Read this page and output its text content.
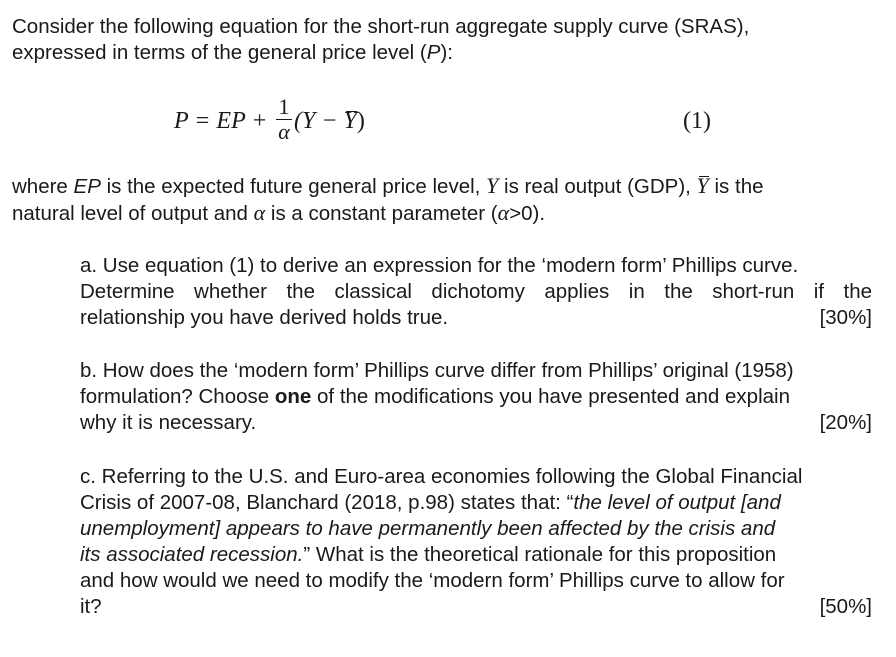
Consider the following equation for the short-run aggregate supply curve (SRAS),
expressed in terms of the general price level (P):
P = EP +
1
α (Y − Y)	(1)
where EP is the expected future general price level, Y is real output (GDP), Y is the
natural level of output and α is a constant parameter (α>0).
a. Use equation (1) to derive an expression for the ‘modern form’ Phillips curve.
Determine whether the classical dichotomy applies in the short-run if the
relationship you have derived holds true.	[30%]
b. How does the ‘modern form’ Phillips curve differ from Phillips’ original (1958)
formulation? Choose one of the modifications you have presented and explain
why it is necessary.	[20%]
c. Referring to the U.S. and Euro-area economies following the Global Financial
Crisis of 2007-08, Blanchard (2018, p.98) states that: “the level of output [and
unemployment] appears to have permanently been affected by the crisis and
its associated recession.” What is the theoretical rationale for this proposition
and how would we need to modify the ‘modern form’ Phillips curve to allow for
it?	[50%]
